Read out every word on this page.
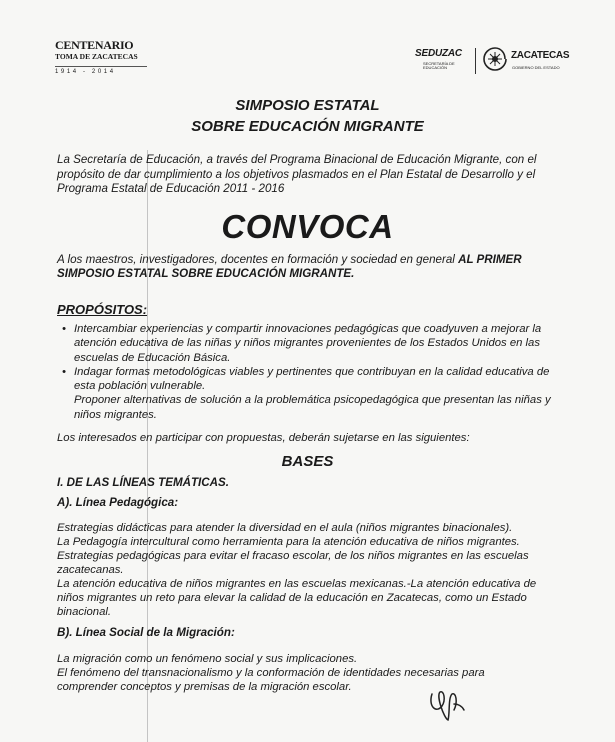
CENTENARIO
TOMA DE ZACATECAS
1914 - 2014
SEDUZAC
SECRETARÍA DE EDUCACIÓN
ZACATECAS
GOBIERNO DEL ESTADO
SIMPOSIO ESTATAL
SOBRE EDUCACIÓN MIGRANTE

La Secretaría de Educación, a través del Programa Binacional de Educación Migrante, con el propósito de dar cumplimiento a los objetivos plasmados en el Plan Estatal de Desarrollo y el Programa Estatal de Educación 2011 - 2016

CONVOCA

A los maestros, investigadores, docentes en formación y sociedad en general AL PRIMER SIMPOSIO ESTATAL SOBRE EDUCACIÓN MIGRANTE.

PROPÓSITOS:
• Intercambiar experiencias y compartir innovaciones pedagógicas que coadyuven a mejorar la atención educativa de las niñas y niños migrantes provenientes de los Estados Unidos en las escuelas de Educación Básica.
• Indagar formas metodológicas viables y pertinentes que contribuyan en la calidad educativa de esta población vulnerable.
Proponer alternativas de solución a la problemática psicopedagógica que presentan las niñas y niños migrantes.
Los interesados en participar con propuestas, deberán sujetarse en las siguientes:
BASES
I. DE LAS LÍNEAS TEMÁTICAS.
A). Línea Pedagógica:
Estrategias didácticas para atender la diversidad en el aula (niños migrantes binacionales).
La Pedagogía intercultural como herramienta para la atención educativa de niños migrantes.
Estrategias pedagógicas para evitar el fracaso escolar, de los niños migrantes en las escuelas
zacatecanas.
La atención educativa de niños migrantes en las escuelas mexicanas.-La atención educativa de
niños migrantes un reto para elevar la calidad de la educación en Zacatecas, como un Estado
binacional.
B). Línea Social de la Migración:
La migración como un fenómeno social y sus implicaciones.
El fenómeno del transnacionalismo y la conformación de identidades necesarias para
comprender conceptos y premisas de la migración escolar.
